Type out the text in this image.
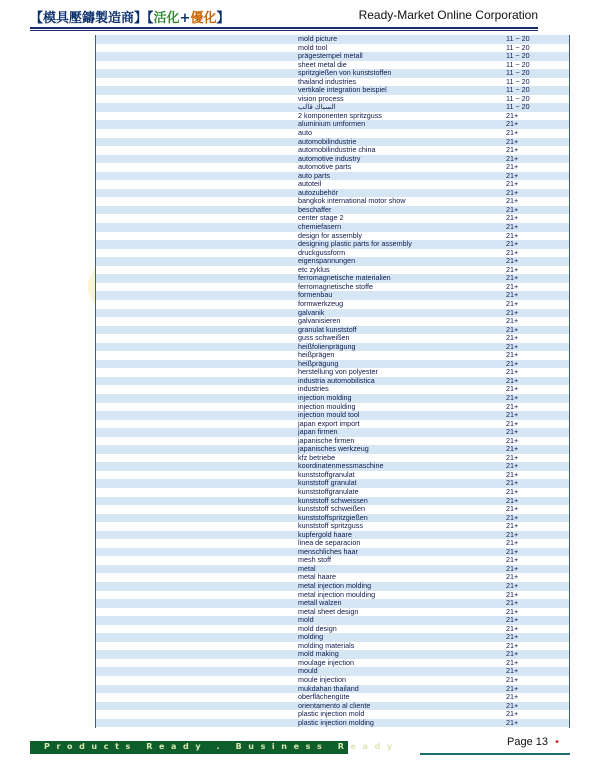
【模具壓鑄製造商】【活化+優化】	Ready-Market Online Corporation
mold picture	11 ~ 20
mold tool	11 ~ 20
prägestempel metall	11 ~ 20
sheet metal die	11 ~ 20
spritzgießen von kunststoffen	11 ~ 20
thailand industries	11 ~ 20
vertikale integration beispiel	11 ~ 20
vision process	11 ~ 20
السباك قالب	11 ~ 20
2 komponenten spritzguss	21+
aluminium umformen	21+
auto	21+
automobilindustrie	21+
automobilindustrie china	21+
automotive industry	21+
automotive parts	21+
auto parts	21+
autoteil	21+
autozubehör	21+
bangkok international motor show	21+
beschaffer	21+
center stage 2	21+
chemiefasern	21+
design for assembly	21+
designing plastic parts for assembly	21+
druckgussform	21+
eigenspannungen	21+
etc zyklus	21+
ferromagnetische materialien	21+
ferromagnetische stoffe	21+
formenbau	21+
formwerkzeug	21+
galvanik	21+
galvanisieren	21+
granulat kunststoff	21+
guss schweißen	21+
heißfolienprägung	21+
heißprägen	21+
heißprägung	21+
herstellung von polyester	21+
industria automobilistica	21+
industries	21+
injection molding	21+
injection moulding	21+
injection mould tool	21+
japan export import	21+
japan firmen	21+
japanische firmen	21+
japanisches werkzeug	21+
kfz betriebe	21+
koordinatenmessmaschine	21+
kunststoffgranulat	21+
kunststoff granulat	21+
kunststoffgranulate	21+
kunststoff schweissen	21+
kunststoff schweißen	21+
kunststoffspritzgießen	21+
kunststoff spritzguss	21+
kupfergold haare	21+
linea de separacion	21+
menschliches haar	21+
mesh stoff	21+
metal	21+
metal haare	21+
metal injection molding	21+
metal injection moulding	21+
metall walzen	21+
metal sheet design	21+
mold	21+
mold design	21+
molding	21+
molding materials	21+
mold making	21+
moulage injection	21+
mould	21+
moule injection	21+
mukdahan thailand	21+
oberflächengüte	21+
orientamento al cliente	21+
plastic injection mold	21+
plastic injection molding	21+
Products Ready . Business Ready	Page 13 •
